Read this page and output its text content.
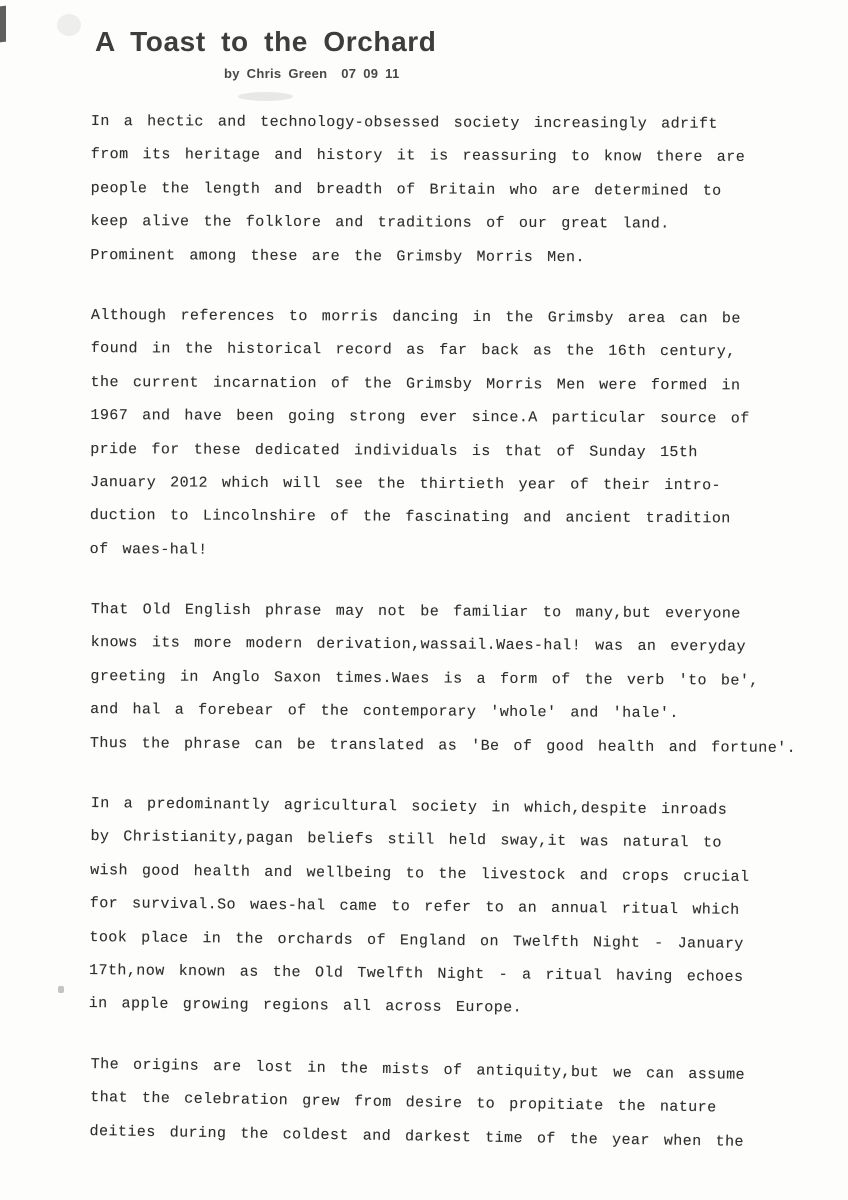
A Toast to the Orchard
by Chris Green  07 09 11
In a hectic and technology-obsessed society increasingly adrift
from its heritage and history it is reassuring to know there are
people the length and breadth of Britain who are determined to
keep alive the folklore and traditions of our great land.
Prominent among these are the Grimsby Morris Men.
Although references to morris dancing in the Grimsby area can be
found in the historical record as far back as the 16th century,
the current incarnation of the Grimsby Morris Men were formed in
1967 and have been going strong ever since.A particular source of
pride for these dedicated individuals is that of Sunday 15th
January 2012 which will see the thirtieth year of their intro-
duction to Lincolnshire of the fascinating and ancient tradition
of waes-hal!
That Old English phrase may not be familiar to many,but everyone
knows its more modern derivation,wassail.Waes-hal! was an everyday
greeting in Anglo Saxon times.Waes is a form of the verb 'to be',
and hal a forebear of the contemporary 'whole' and 'hale'.
Thus the phrase can be translated as 'Be of good health and fortune'.
In a predominantly agricultural society in which,despite inroads
by Christianity,pagan beliefs still held sway,it was natural to
wish good health and wellbeing to the livestock and crops crucial
for survival.So waes-hal came to refer to an annual ritual which
took place in the orchards of England on Twelfth Night - January
17th,now known as the Old Twelfth Night - a ritual having echoes
in apple growing regions all across Europe.
The origins are lost in the mists of antiquity,but we can assume
that the celebration grew from desire to propitiate the nature
deities during the coldest and darkest time of the year when the
